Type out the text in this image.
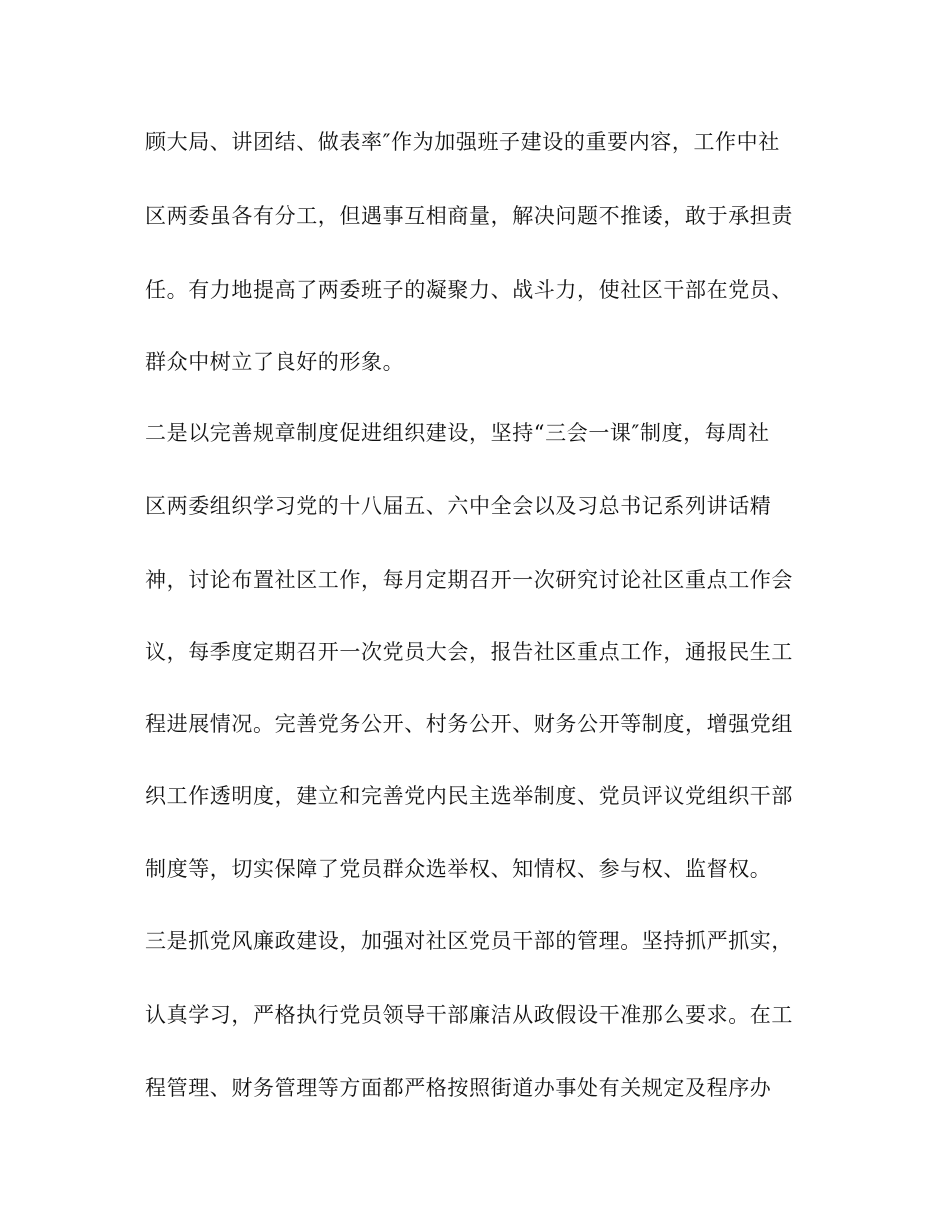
顾大局、讲团结、做表率″作为加强班子建设的重要内容，工作中社
区两委虽各有分工，但遇事互相商量，解决问题不推诿，敢于承担责
任。有力地提高了两委班子的凝聚力、战斗力，使社区干部在党员、
群众中树立了良好的形象。
二是以完善规章制度促进组织建设，坚持“三会一课″制度，每周社
区两委组织学习党的十八届五、六中全会以及习总书记系列讲话精
神，讨论布置社区工作，每月定期召开一次研究讨论社区重点工作会
议，每季度定期召开一次党员大会，报告社区重点工作，通报民生工
程进展情况。完善党务公开、村务公开、财务公开等制度，增强党组
织工作透明度，建立和完善党内民主选举制度、党员评议党组织干部
制度等，切实保障了党员群众选举权、知情权、参与权、监督权。
三是抓党风廉政建设，加强对社区党员干部的管理。坚持抓严抓实，
认真学习，严格执行党员领导干部廉洁从政假设干准那么要求。在工
程管理、财务管理等方面都严格按照街道办事处有关规定及程序办
